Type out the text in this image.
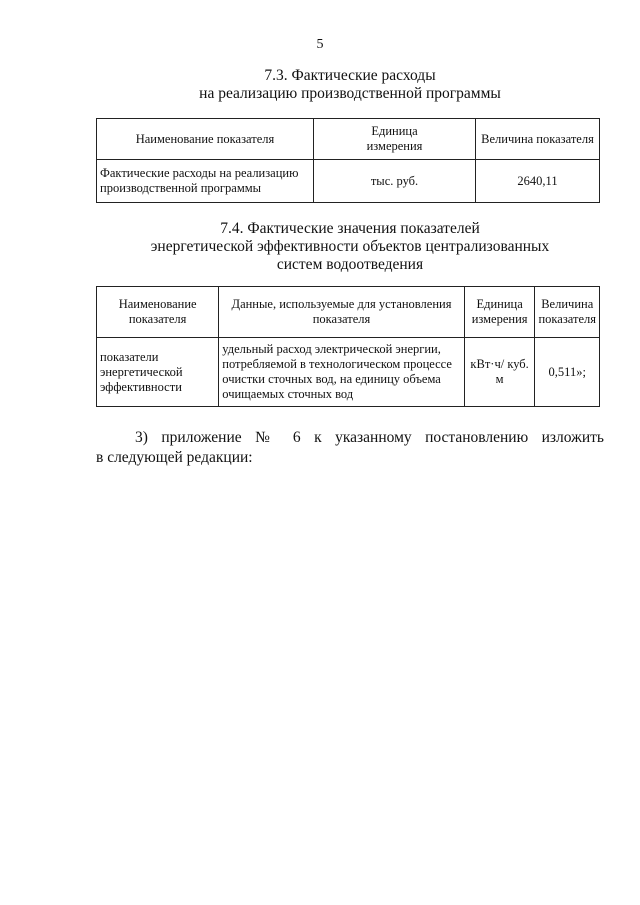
5
7.3. Фактические расходы
на реализацию производственной программы
Наименование показателя	Единица измерения	Величина показателя
Фактические расходы на реализацию производственной программы	тыс. руб.	2640,11
7.4. Фактические значения показателей
энергетической эффективности объектов централизованных
систем водоотведения
Наименование показателя	Данные, используемые для установления показателя	Единица измерения	Величина показателя
показатели энергетической эффективности	удельный расход электрической энергии, потребляемой в технологическом процессе очистки сточных вод, на единицу объема очищаемых сточных вод	кВт·ч/ куб. м	0,511»;
3) приложение № 6 к указанному постановлению изложить
в следующей редакции:
